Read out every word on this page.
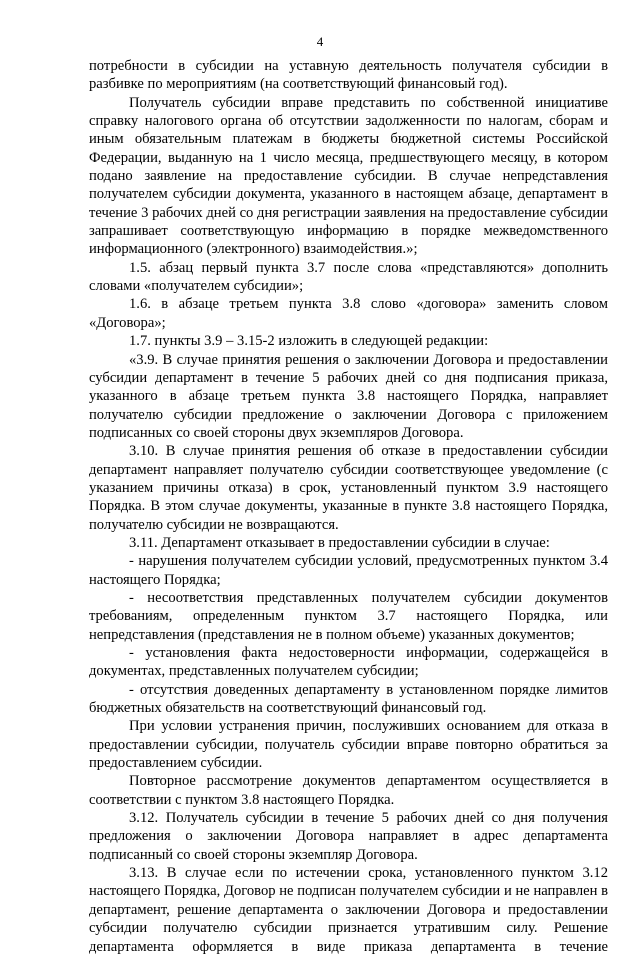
4

потребности в субсидии на уставную деятельность получателя субсидии в разбивке по мероприятиям (на соответствующий финансовый год).

Получатель субсидии вправе представить по собственной инициативе справку налогового органа об отсутствии задолженности по налогам, сборам и иным обязательным платежам в бюджеты бюджетной системы Российской Федерации, выданную на 1 число месяца, предшествующего месяцу, в котором подано заявление на предоставление субсидии. В случае непредставления получателем субсидии документа, указанного в настоящем абзаце, департамент в течение 3 рабочих дней со дня регистрации заявления на предоставление субсидии запрашивает соответствующую информацию в порядке межведомственного информационного (электронного) взаимодействия.»;

1.5. абзац первый пункта 3.7 после слова «представляются» дополнить словами «получателем субсидии»;

1.6. в абзаце третьем пункта 3.8 слово «договора» заменить словом «Договора»;

1.7. пункты 3.9 – 3.15-2 изложить в следующей редакции:

«3.9. В случае принятия решения о заключении Договора и предоставлении субсидии департамент в течение 5 рабочих дней со дня подписания приказа, указанного в абзаце третьем пункта 3.8 настоящего Порядка, направляет получателю субсидии предложение о заключении Договора с приложением подписанных со своей стороны двух экземпляров Договора.

3.10. В случае принятия решения об отказе в предоставлении субсидии департамент направляет получателю субсидии соответствующее уведомление (с указанием причины отказа) в срок, установленный пунктом 3.9 настоящего Порядка. В этом случае документы, указанные в пункте 3.8 настоящего Порядка, получателю субсидии не возвращаются.

3.11. Департамент отказывает в предоставлении субсидии в случае:

- нарушения получателем субсидии условий, предусмотренных пунктом 3.4 настоящего Порядка;

- несоответствия представленных получателем субсидии документов требованиям, определенным пунктом 3.7 настоящего Порядка, или непредставления (представления не в полном объеме) указанных документов;

- установления факта недостоверности информации, содержащейся в документах, представленных получателем субсидии;

- отсутствия доведенных департаменту в установленном порядке лимитов бюджетных обязательств на соответствующий финансовый год.

При условии устранения причин, послуживших основанием для отказа в предоставлении субсидии, получатель субсидии вправе повторно обратиться за предоставлением субсидии.

Повторное рассмотрение документов департаментом осуществляется в соответствии с пунктом 3.8 настоящего Порядка.

3.12. Получатель субсидии в течение 5 рабочих дней со дня получения предложения о заключении Договора направляет в адрес департамента подписанный со своей стороны экземпляр Договора.

3.13. В случае если по истечении срока, установленного пунктом 3.12 настоящего Порядка, Договор не подписан получателем субсидии и не направлен в департамент, решение департамента о заключении Договора и предоставлении субсидии получателю субсидии признается утратившим силу. Решение департамента оформляется в виде приказа департамента в течение
